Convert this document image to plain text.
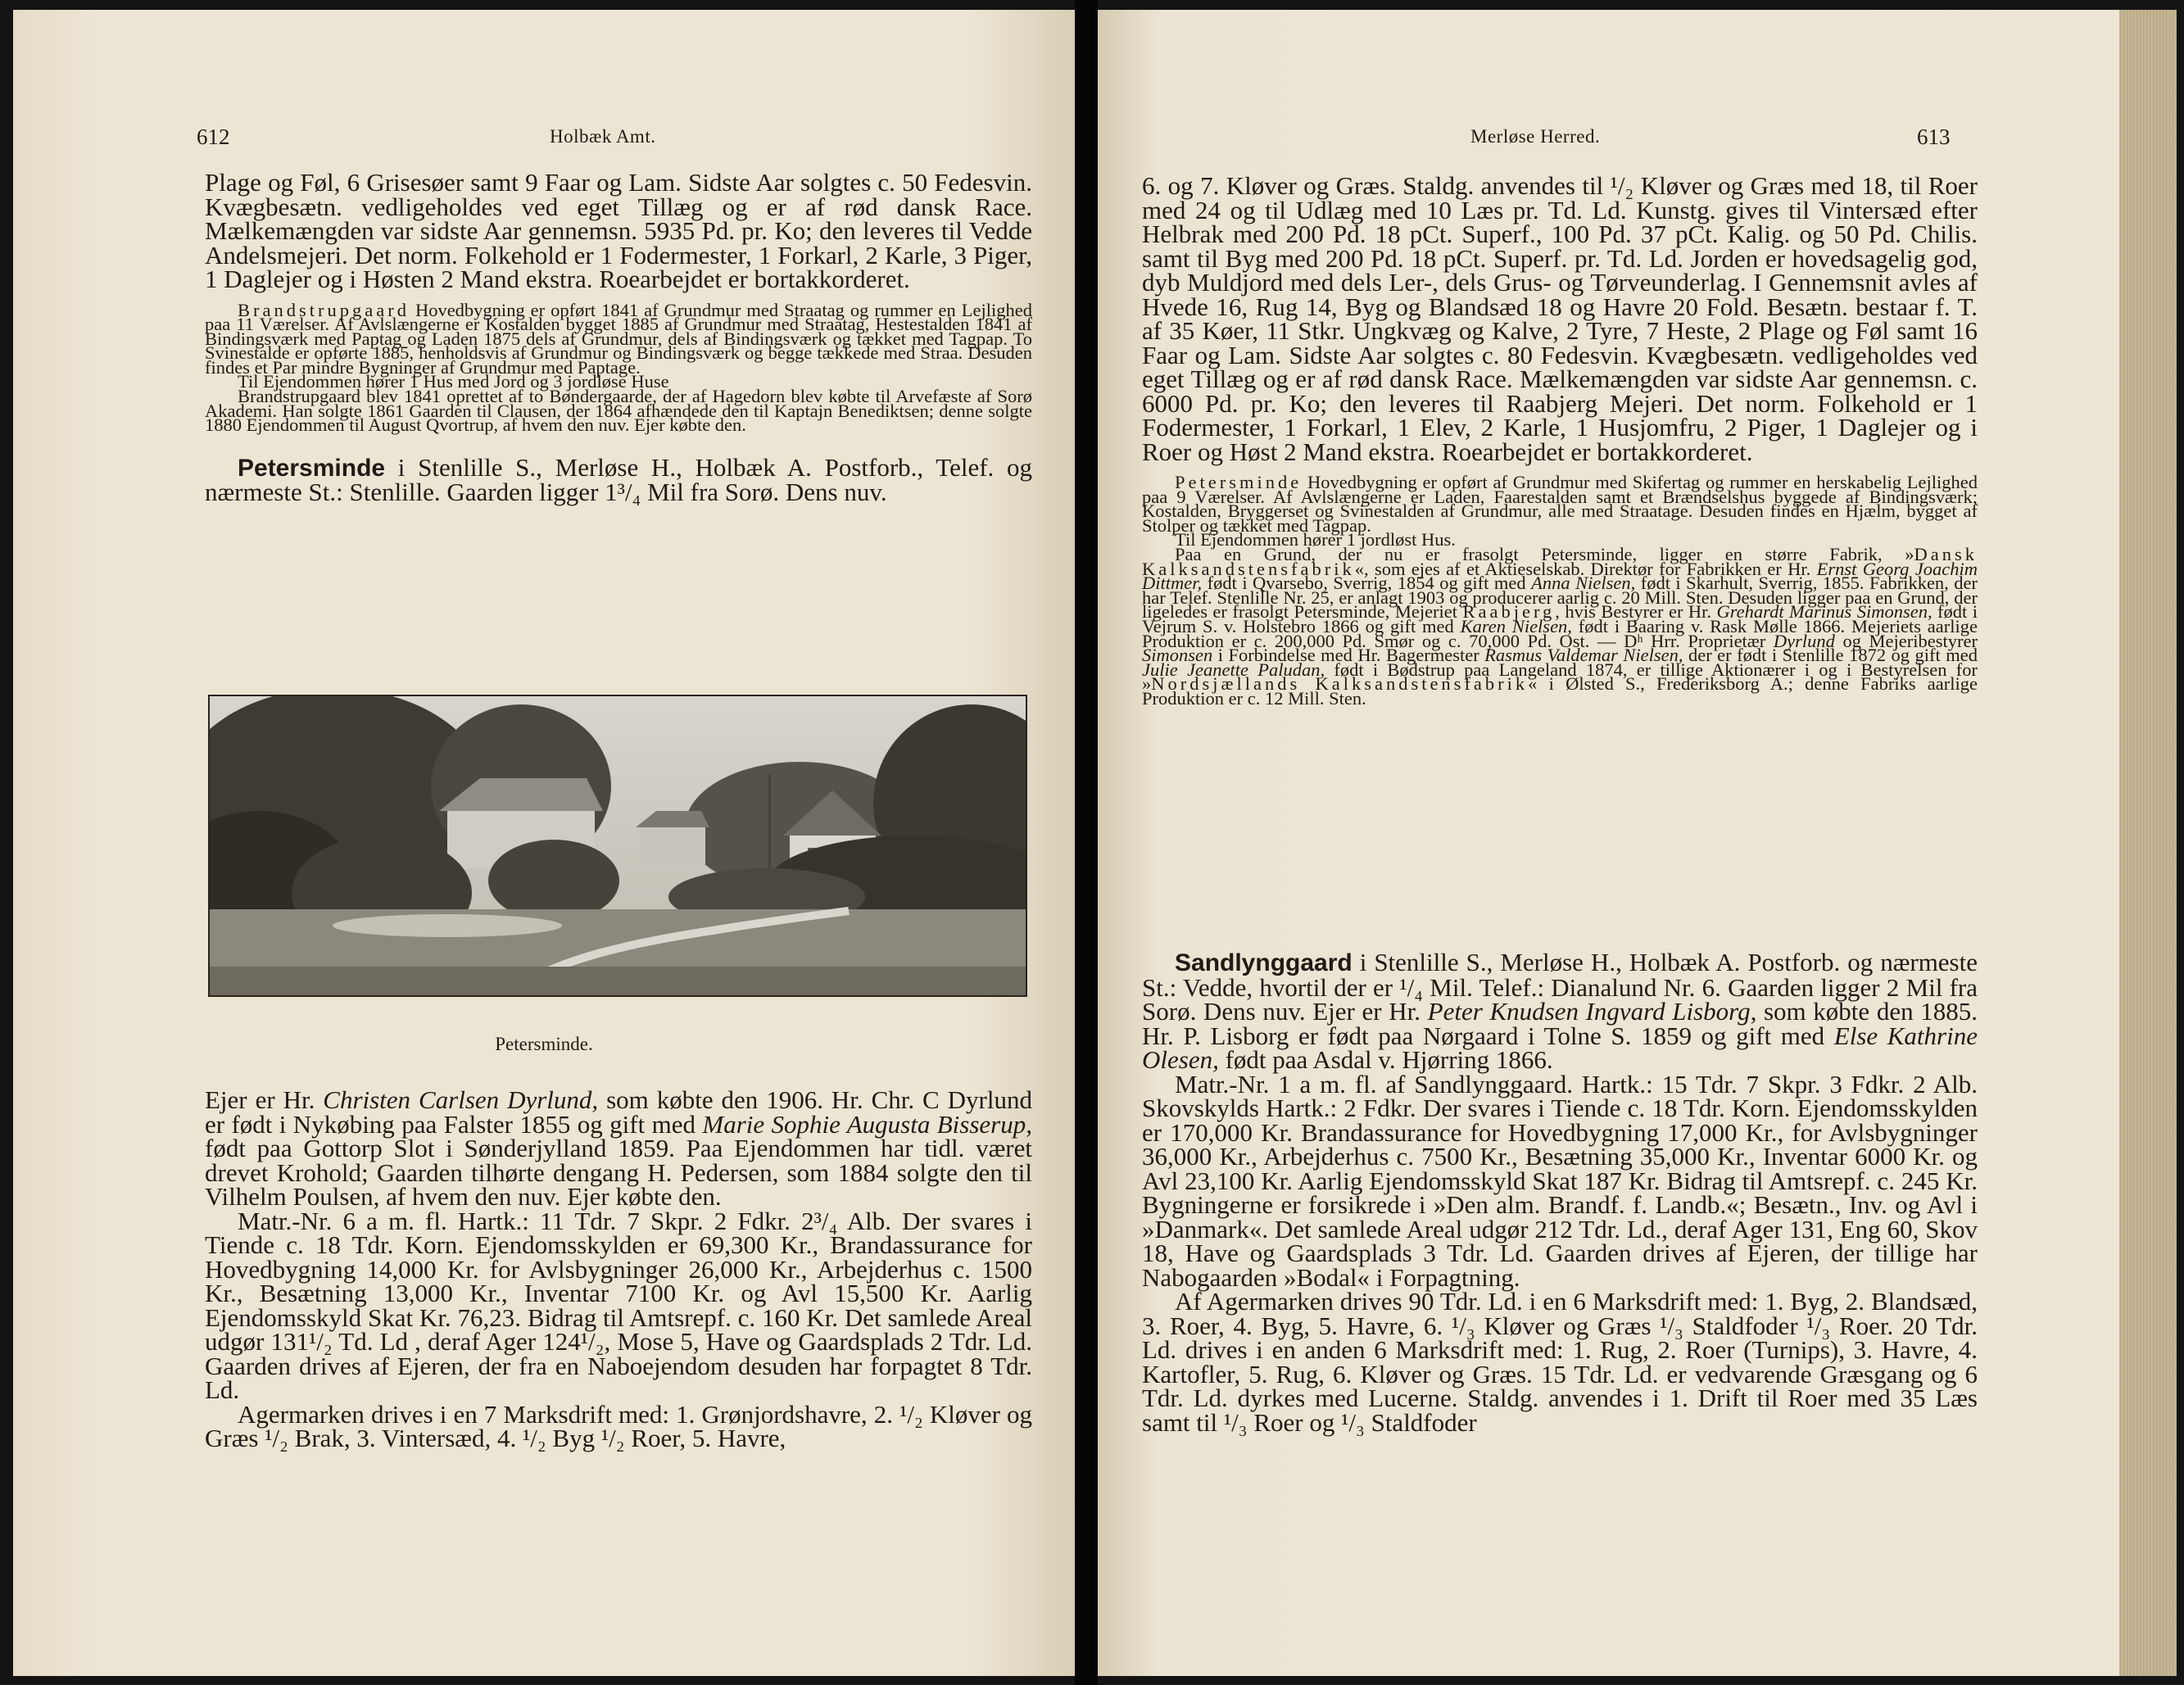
612	Holbæk Amt.

Plage og Føl, 6 Grisesøer samt 9 Faar og Lam. Sidste Aar solgtes c. 50 Fedesvin. Kvægbesætn. vedligeholdes ved eget Tillæg og er af rød dansk Race. Mælkemængden var sidste Aar gennemsn. 5935 Pd. pr. Ko; den leveres til Vedde Andelsmejeri. Det norm. Folkehold er 1 Fodermester, 1 Forkarl, 2 Karle, 3 Piger, 1 Daglejer og i Høsten 2 Mand ekstra. Roearbejdet er bortakkorderet.

Brandstrupgaard Hovedbygning er opført 1841 af Grundmur med Straatag og rummer en Lejlighed paa 11 Værelser. Af Avlslængerne er Kostalden bygget 1885 af Grundmur med Straatag, Hestestalden 1841 af Bindingsværk med Paptag og Laden 1875 dels af Grundmur, dels af Bindingsværk og tækket med Tagpap. To Svinestalde er opførte 1885, henholdsvis af Grundmur og Bindingsværk og begge tækkede med Straa. Desuden findes et Par mindre Bygninger af Grundmur med Paptage.

Til Ejendommen hører 1 Hus med Jord og 3 jordløse Huse

Brandstrupgaard blev 1841 oprettet af to Bøndergaarde, der af Hagedorn blev købte til Arvefæste af Sorø Akademi. Han solgte 1861 Gaarden til Clausen, der 1864 afhændede den til Kaptajn Benediktsen; denne solgte 1880 Ejendommen til August Qvortrup, af hvem den nuv. Ejer købte den.

Petersminde i Stenlille S., Merløse H., Holbæk A. Postforb., Telef. og nærmeste St.: Stenlille. Gaarden ligger 1³/₄ Mil fra Sorø. Dens nuv.

Petersminde.

Ejer er Hr. Christen Carlsen Dyrlund, som købte den 1906. Hr. Chr. C Dyrlund er født i Nykøbing paa Falster 1855 og gift med Marie Sophie Augusta Bisserup, født paa Gottorp Slot i Sønderjylland 1859. Paa Ejendommen har tidl. været drevet Krohold; Gaarden tilhørte dengang H. Pedersen, som 1884 solgte den til Vilhelm Poulsen, af hvem den nuv. Ejer købte den.

Matr.-Nr. 6 a m. fl. Hartk.: 11 Tdr. 7 Skpr. 2 Fdkr. 2³/₄ Alb. Der svares i Tiende c. 18 Tdr. Korn. Ejendomsskylden er 69,300 Kr., Brandassurance for Hovedbygning 14,000 Kr. for Avlsbygninger 26,000 Kr., Arbejderhus c. 1500 Kr., Besætning 13,000 Kr., Inventar 7100 Kr. og Avl 15,500 Kr. Aarlig Ejendomsskyld Skat Kr. 76,23. Bidrag til Amtsrepf. c. 160 Kr. Det samlede Areal udgør 131¹/₂ Td. Ld , deraf Ager 124¹/₂, Mose 5, Have og Gaardsplads 2 Tdr. Ld. Gaarden drives af Ejeren, der fra en Naboejendom desuden har forpagtet 8 Tdr. Ld.

Agermarken drives i en 7 Marksdrift med: 1. Grønjordshavre, 2. ¹/₂ Kløver og Græs ¹/₂ Brak, 3. Vintersæd, 4. ¹/₂ Byg ¹/₂ Roer, 5. Havre,

Merløse Herred.	613

6. og 7. Kløver og Græs. Staldg. anvendes til ¹/₂ Kløver og Græs med 18, til Roer med 24 og til Udlæg med 10 Læs pr. Td. Ld. Kunstg. gives til Vintersæd efter Helbrak med 200 Pd. 18 pCt. Superf., 100 Pd. 37 pCt. Kalig. og 50 Pd. Chilis. samt til Byg med 200 Pd. 18 pCt. Superf. pr. Td. Ld. Jorden er hovedsagelig god, dyb Muldjord med dels Ler-, dels Grus- og Tørveunderlag. I Gennemsnit avles af Hvede 16, Rug 14, Byg og Blandsæd 18 og Havre 20 Fold. Besætn. bestaar f. T. af 35 Køer, 11 Stkr. Ungkvæg og Kalve, 2 Tyre, 7 Heste, 2 Plage og Føl samt 16 Faar og Lam. Sidste Aar solgtes c. 80 Fedesvin. Kvægbesætn. vedligeholdes ved eget Tillæg og er af rød dansk Race. Mælkemængden var sidste Aar gennemsn. c. 6000 Pd. pr. Ko; den leveres til Raabjerg Mejeri. Det norm. Folkehold er 1 Fodermester, 1 Forkarl, 1 Elev, 2 Karle, 1 Husjomfru, 2 Piger, 1 Daglejer og i Roer og Høst 2 Mand ekstra. Roearbejdet er bortakkorderet.

Petersminde Hovedbygning er opført af Grundmur med Skifertag og rummer en herskabelig Lejlighed paa 9 Værelser. Af Avlslængerne er Laden, Faarestalden samt et Brændselshus byggede af Bindingsværk; Kostalden, Bryggerset og Svinestalden af Grundmur, alle med Straatage. Desuden findes en Hjælm, bygget af Stolper og tækket med Tagpap.

Til Ejendommen hører 1 jordløst Hus.

Paa en Grund, der nu er frasolgt Petersminde, ligger en større Fabrik, »Dansk Kalksandstensfabrik«, som ejes af et Aktieselskab. Direktør for Fabrikken er Hr. Ernst Georg Joachim Dittmer, født i Qvarsebo, Sverrig, 1854 og gift med Anna Nielsen, født i Skarhult, Sverrig, 1855. Fabrikken, der har Telef. Stenlille Nr. 25, er anlagt 1903 og producerer aarlig c. 20 Mill. Sten. Desuden ligger paa en Grund, der ligeledes er frasolgt Petersminde, Mejeriet Raabjerg, hvis Bestyrer er Hr. Grehardt Marinus Simonsen, født i Vejrum S. v. Holstebro 1866 og gift med Karen Nielsen, født i Baaring v. Rask Mølle 1866. Mejeriets aarlige Produktion er c. 200,000 Pd. Smør og c. 70,000 Pd. Ost. — Dʰ Hrr. Proprietær Dyrlund og Mejeribestyrer Simonsen i Forbindelse med Hr. Bagermester Rasmus Valdemar Nielsen, der er født i Stenlille 1872 og gift med Julie Jeanette Paludan, født i Bødstrup paa Langeland 1874, er tillige Aktionærer i og i Bestyrelsen for »Nordsjællands Kalksandstensfabrik« i Ølsted S., Frederiksborg A.; denne Fabriks aarlige Produktion er c. 12 Mill. Sten.

Sandlynggaard i Stenlille S., Merløse H., Holbæk A. Postforb. og nærmeste St.: Vedde, hvortil der er ¹/₄ Mil. Telef.: Dianalund Nr. 6. Gaarden ligger 2 Mil fra Sorø. Dens nuv. Ejer er Hr. Peter Knudsen Ingvard Lisborg, som købte den 1885. Hr. P. Lisborg er født paa Nørgaard i Tolne S. 1859 og gift med Else Kathrine Olesen, født paa Asdal v. Hjørring 1866.

Matr.-Nr. 1 a m. fl. af Sandlynggaard. Hartk.: 15 Tdr. 7 Skpr. 3 Fdkr. 2 Alb. Skovskylds Hartk.: 2 Fdkr. Der svares i Tiende c. 18 Tdr. Korn. Ejendomsskylden er 170,000 Kr. Brandassurance for Hovedbygning 17,000 Kr., for Avlsbygninger 36,000 Kr., Arbejderhus c. 7500 Kr., Besætning 35,000 Kr., Inventar 6000 Kr. og Avl 23,100 Kr. Aarlig Ejendomsskyld Skat 187 Kr. Bidrag til Amtsrepf. c. 245 Kr. Bygningerne er forsikrede i »Den alm. Brandf. f. Landb.«; Besætn., Inv. og Avl i »Danmark«. Det samlede Areal udgør 212 Tdr. Ld., deraf Ager 131, Eng 60, Skov 18, Have og Gaardsplads 3 Tdr. Ld. Gaarden drives af Ejeren, der tillige har Nabogaarden »Bodal« i Forpagtning.

Af Agermarken drives 90 Tdr. Ld. i en 6 Marksdrift med: 1. Byg, 2. Blandsæd, 3. Roer, 4. Byg, 5. Havre, 6. ¹/₃ Kløver og Græs ¹/₃ Staldfoder ¹/₃ Roer. 20 Tdr. Ld. drives i en anden 6 Marksdrift med: 1. Rug, 2. Roer (Turnips), 3. Havre, 4. Kartofler, 5. Rug, 6. Kløver og Græs. 15 Tdr. Ld. er vedvarende Græsgang og 6 Tdr. Ld. dyrkes med Lucerne. Staldg. anvendes i 1. Drift til Roer med 35 Læs samt til ¹/₃ Roer og ¹/₃ Staldfoder
